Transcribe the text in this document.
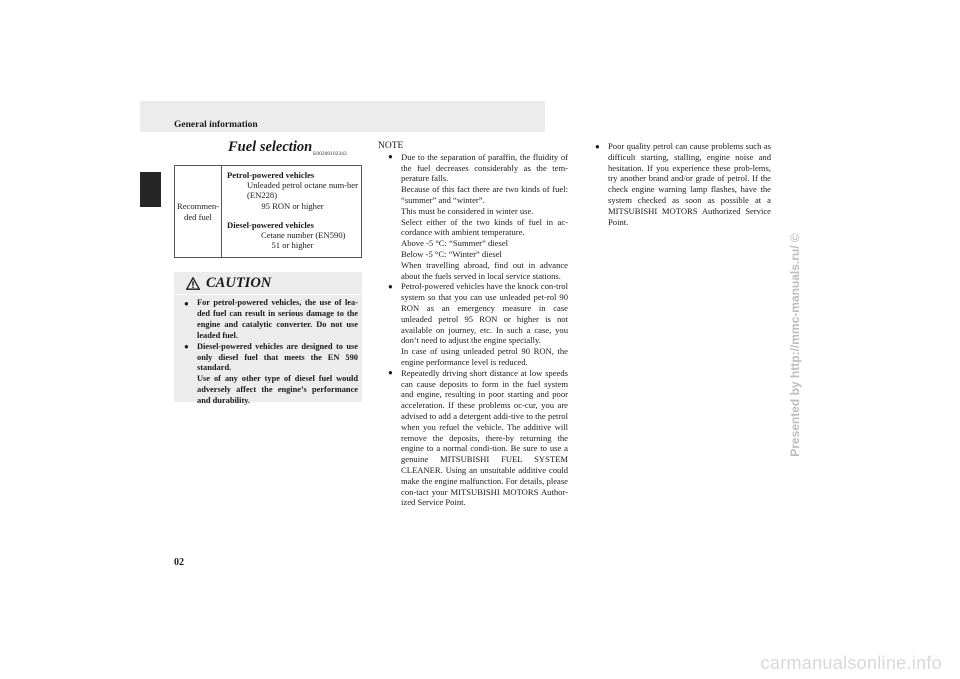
General information
Fuel selection E00200102343
Recommen-ded fuel
Petrol-powered vehicles
Unleaded petrol octane num-ber (EN228)
95 RON or higher
Diesel-powered vehicles
Cetane number (EN590)
51 or higher
CAUTION
● For petrol-powered vehicles, the use of lea-ded fuel can result in serious damage to the engine and catalytic converter. Do not use leaded fuel.
● Diesel-powered vehicles are designed to use only diesel fuel that meets the EN 590 standard.
Use of any other type of diesel fuel would adversely affect the engine’s performance and durability.
NOTE
● Due to the separation of paraffin, the fluidity of the fuel decreases considerably as the tem-perature falls.
Because of this fact there are two kinds of fuel: “summer” and “winter”.
This must be considered in winter use.
Select either of the two kinds of fuel in ac-cordance with ambient temperature.
Above -5 °C: “Summer” diesel
Below -5 °C: “Winter” diesel
When travelling abroad, find out in advance about the fuels served in local service stations.
● Petrol-powered vehicles have the knock con-trol system so that you can use unleaded pet-rol 90 RON as an emergency measure in case unleaded petrol 95 RON or higher is not available on journey, etc. In such a case, you don’t need to adjust the engine specially.
In case of using unleaded petrol 90 RON, the engine performance level is reduced.
● Repeatedly driving short distance at low speeds can cause deposits to form in the fuel system and engine, resulting in poor starting and poor acceleration. If these problems oc-cur, you are advised to add a detergent addi-tive to the petrol when you refuel the vehicle. The additive will remove the deposits, there-by returning the engine to a normal condi-tion. Be sure to use a genuine MITSUBISHI FUEL SYSTEM CLEANER. Using an unsuitable additive could make the engine malfunction. For details, please con-tact your MITSUBISHI MOTORS Author-ized Service Point.
● Poor quality petrol can cause problems such as difficult starting, stalling, engine noise and hesitation. If you experience these prob-lems, try another brand and/or grade of petrol. If the check engine warning lamp flashes, have the system checked as soon as possible at a MITSUBISHI MOTORS Authorized Service Point.
02
Presented by http://mmc-manuals.ru/ ©
carmanualsonline.info
